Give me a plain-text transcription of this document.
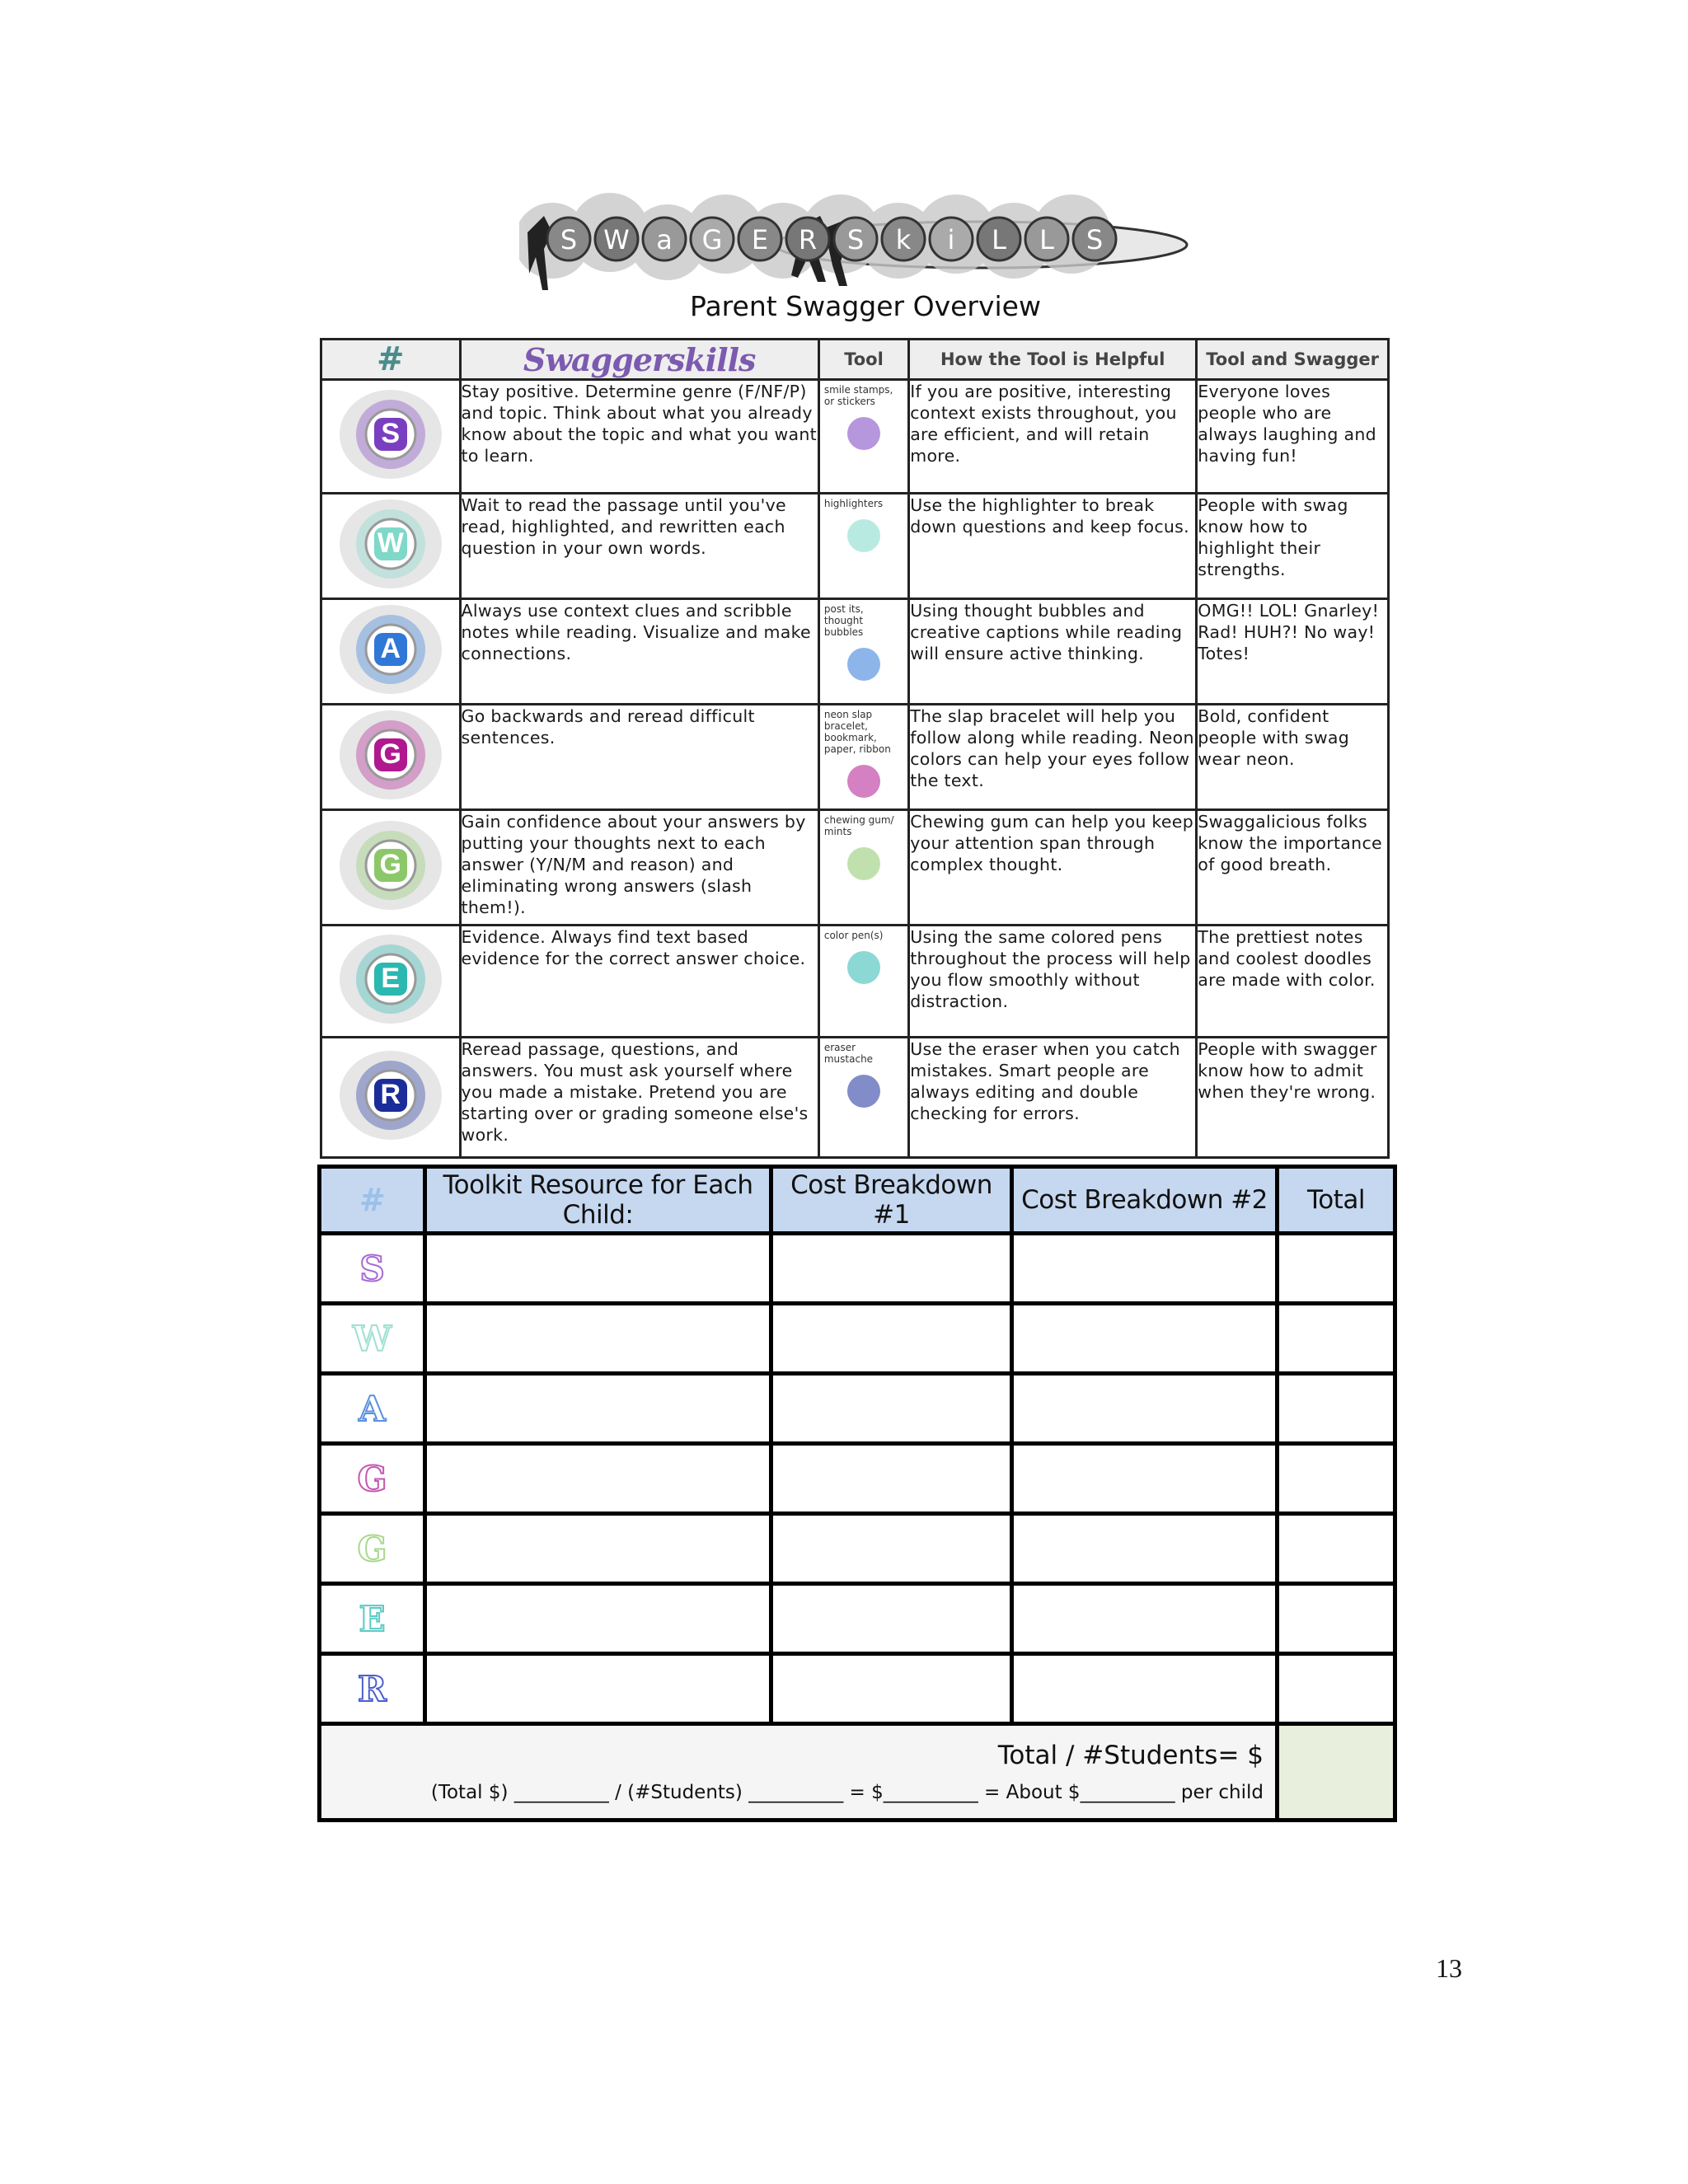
S W a G E R S k i L L S
Parent Swagger Overview
#	Swaggerskills	Tool	How the Tool is Helpful	Tool and Swagger

S	Stay positive. Determine genre (F/NF/P) and topic. Think about what you already know about the topic and what you want to learn.	smile stamps, or stickers	If you are positive, interesting context exists throughout, you are efficient, and will retain more.	Everyone loves people who are always laughing and having fun!

W	Wait to read the passage until you've read, highlighted, and rewritten each question in your own words.	highlighters	Use the highlighter to break down questions and keep focus.	People with swag know how to highlight their strengths.

A	Always use context clues and scribble notes while reading. Visualize and make connections.	post its, thought bubbles	Using thought bubbles and creative captions while reading will ensure active thinking.	OMG!! LOL! Gnarley! Rad! HUH?! No way! Totes!

G	Go backwards and reread difficult sentences.	neon slap bracelet, bookmark, paper, ribbon	The slap bracelet will help you follow along while reading. Neon colors can help your eyes follow the text.	Bold, confident people with swag wear neon.

G	Gain confidence about your answers by putting your thoughts next to each answer (Y/N/M and reason) and eliminating wrong answers (slash them!).	chewing gum/ mints	Chewing gum can help you keep your attention span through complex thought.	Swaggalicious folks know the importance of good breath.

E	Evidence. Always find text based evidence for the correct answer choice.	color pen(s)	Using the same colored pens throughout the process will help you flow smoothly without distraction.	The prettiest notes and coolest doodles are made with color.

R	Reread passage, questions, and answers. You must ask yourself where you made a mistake. Pretend you are starting over or grading someone else's work.	eraser mustache	Use the eraser when you catch mistakes. Smart people are always editing and double checking for errors.	People with swagger know how to admit when they're wrong.
#	Toolkit Resource for Each Child:	Cost Breakdown #1	Cost Breakdown #2	Total
S				
W				
A				
G				
G				
E				
R				

Total / #Students= $
(Total $) __________ / (#Students) __________ = $__________ = About $__________ per child				

13
